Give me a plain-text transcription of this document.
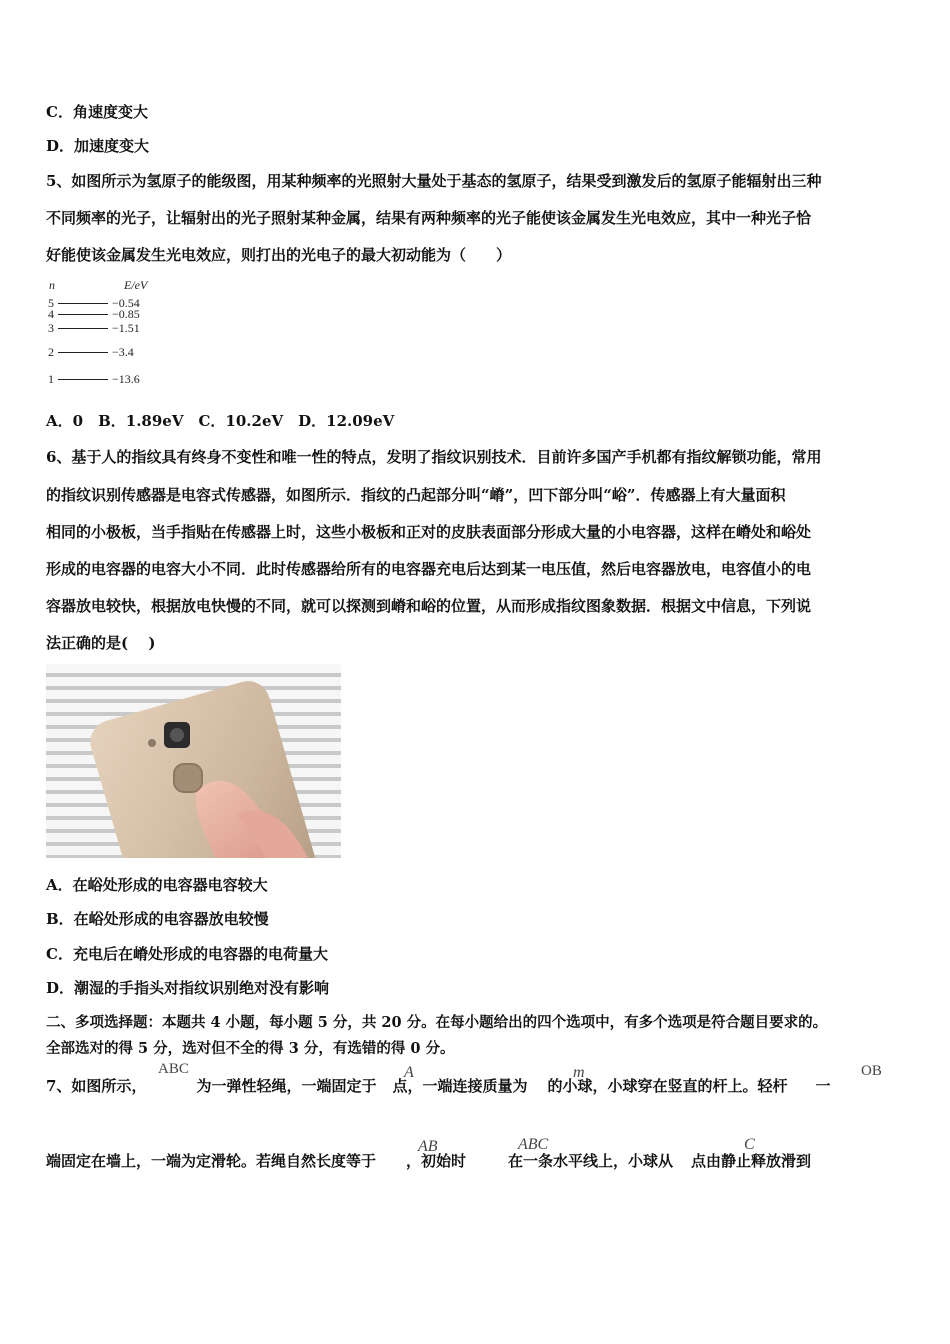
C．角速度变大
D．加速度变大
5、如图所示为氢原子的能级图，用某种频率的光照射大量处于基态的氢原子，结果受到激发后的氢原子能辐射出三种
不同频率的光子，让辐射出的光子照射某种金属，结果有两种频率的光子能使该金属发生光电效应，其中一种光子恰
好能使该金属发生光电效应，则打出的光电子的最大初动能为（　　）
n	E/eV
5	−0.54
4	−0.85
3	−1.51
2	−3.4
1	−13.6
A．0　B．1.89eV　C．10.2eV　D．12.09eV
6、基于人的指纹具有终身不变性和唯一性的特点，发明了指纹识别技术．目前许多国产手机都有指纹解锁功能，常用
的指纹识别传感器是电容式传感器，如图所示．指纹的凸起部分叫“嵴”，凹下部分叫“峪”．传感器上有大量面积
相同的小极板，当手指贴在传感器上时，这些小极板和正对的皮肤表面部分形成大量的小电容器，这样在嵴处和峪处
形成的电容器的电容大小不同．此时传感器给所有的电容器充电后达到某一电压值，然后电容器放电，电容值小的电
容器放电较快，根据放电快慢的不同，就可以探测到嵴和峪的位置，从而形成指纹图象数据．根据文中信息，下列说
法正确的是(　 )
A．在峪处形成的电容器电容较大
B．在峪处形成的电容器放电较慢
C．充电后在嵴处形成的电容器的电荷量大
D．潮湿的手指头对指纹识别绝对没有影响
二、多项选择题：本题共 4 小题，每小题 5 分，共 20 分。在每小题给出的四个选项中，有多个选项是符合题目要求的。
全部选对的得 5 分，选对但不全的得 3 分，有选错的得 0 分。
7、如图所示，	为一弹性轻绳，一端固定于 点，一端连接质量为 的小球，小球穿在竖直的杆上。轻杆 一
ABC	A	m	OB
端固定在墙上，一端为定滑轮。若绳自然长度等于 ，初始时	在一条水平线上，小球从 点由静止释放滑到
AB	ABC	C
